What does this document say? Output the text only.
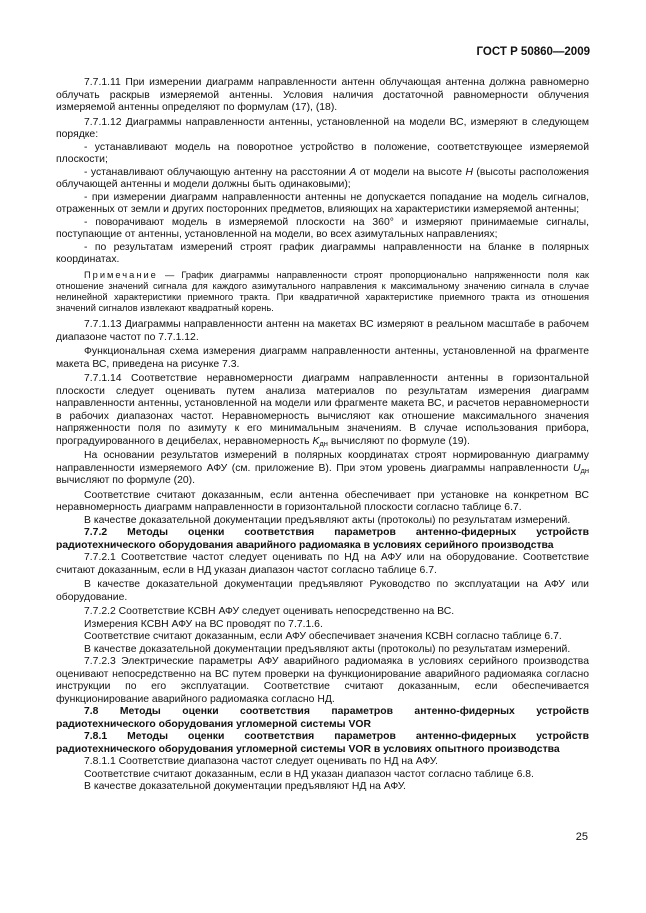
ГОСТ Р 50860—2009

7.7.1.11 При измерении диаграмм направленности антенн облучающая антенна должна равномерно облучать раскрыв измеряемой антенны. Условия наличия достаточной равномерности облучения измеряемой антенны определяют по формулам (17), (18).

7.7.1.12 Диаграммы направленности антенны, установленной на модели ВС, измеряют в следующем порядке:

- устанавливают модель на поворотное устройство в положение, соответствующее измеряемой плоскости;

- устанавливают облучающую антенну на расстоянии A от модели на высоте H (высоты расположения облучающей антенны и модели должны быть одинаковыми);

- при измерении диаграмм направленности антенны не допускается попадание на модель сигналов, отраженных от земли и других посторонних предметов, влияющих на характеристики измеряемой антенны;

- поворачивают модель в измеряемой плоскости на 360° и измеряют принимаемые сигналы, поступающие от антенны, установленной на модели, во всех азимутальных направлениях;

- по результатам измерений строят график диаграммы направленности на бланке в полярных координатах.

Примечание — График диаграммы направленности строят пропорционально напряженности поля как отношение значений сигнала для каждого азимутального направления к максимальному значению сигнала в случае нелинейной характеристики приемного тракта. При квадратичной характеристике приемного тракта из отношения значений сигналов извлекают квадратный корень.

7.7.1.13 Диаграммы направленности антенн на макетах ВС измеряют в реальном масштабе в рабочем диапазоне частот по 7.7.1.12.

Функциональная схема измерения диаграмм направленности антенны, установленной на фрагменте макета ВС, приведена на рисунке 7.3.

7.7.1.14 Соответствие неравномерности диаграмм направленности антенны в горизонтальной плоскости следует оценивать путем анализа материалов по результатам измерения диаграмм направленности антенны, установленной на модели или фрагменте макета ВС, и расчетов неравномерности в рабочих диапазонах частот. Неравномерность вычисляют как отношение максимального значения напряженности поля по азимуту к его минимальным значениям. В случае использования прибора, проградуированного в децибелах, неравномерность Kдн вычисляют по формуле (19).

На основании результатов измерений в полярных координатах строят нормированную диаграмму направленности измеряемого АФУ (см. приложение В). При этом уровень диаграммы направленности Uдн вычисляют по формуле (20).

Соответствие считают доказанным, если антенна обеспечивает при установке на конкретном ВС неравномерность диаграмм направленности в горизонтальной плоскости согласно таблице 6.7.

В качестве доказательной документации предъявляют акты (протоколы) по результатам измерений.

7.7.2 Методы оценки соответствия параметров антенно-фидерных устройств

радиотехнического оборудования аварийного радиомаяка в условиях серийного производства

7.7.2.1 Соответствие частот следует оценивать по НД на АФУ или на оборудование. Соответствие считают доказанным, если в НД указан диапазон частот согласно таблице 6.7.

В качестве доказательной документации предъявляют Руководство по эксплуатации на АФУ или оборудование.

7.7.2.2 Соответствие КСВН АФУ следует оценивать непосредственно на ВС.

Измерения КСВН АФУ на ВС проводят по 7.7.1.6.

Соответствие считают доказанным, если АФУ обеспечивает значения КСВН согласно таблице 6.7.

В качестве доказательной документации предъявляют акты (протоколы) по результатам измерений.

7.7.2.3 Электрические параметры АФУ аварийного радиомаяка в условиях серийного производства оценивают непосредственно на ВС путем проверки на функционирование аварийного радиомаяка согласно инструкции по его эксплуатации. Соответствие считают доказанным, если обеспечивается функционирование аварийного радиомаяка согласно НД.

7.8 Методы оценки соответствия параметров антенно-фидерных устройств

радиотехнического оборудования угломерной системы VOR

7.8.1 Методы оценки соответствия параметров антенно-фидерных устройств

радиотехнического оборудования угломерной системы VOR в условиях опытного производства

7.8.1.1 Соответствие диапазона частот следует оценивать по НД на АФУ.

Соответствие считают доказанным, если в НД указан диапазон частот согласно таблице 6.8.

В качестве доказательной документации предъявляют НД на АФУ.

25
